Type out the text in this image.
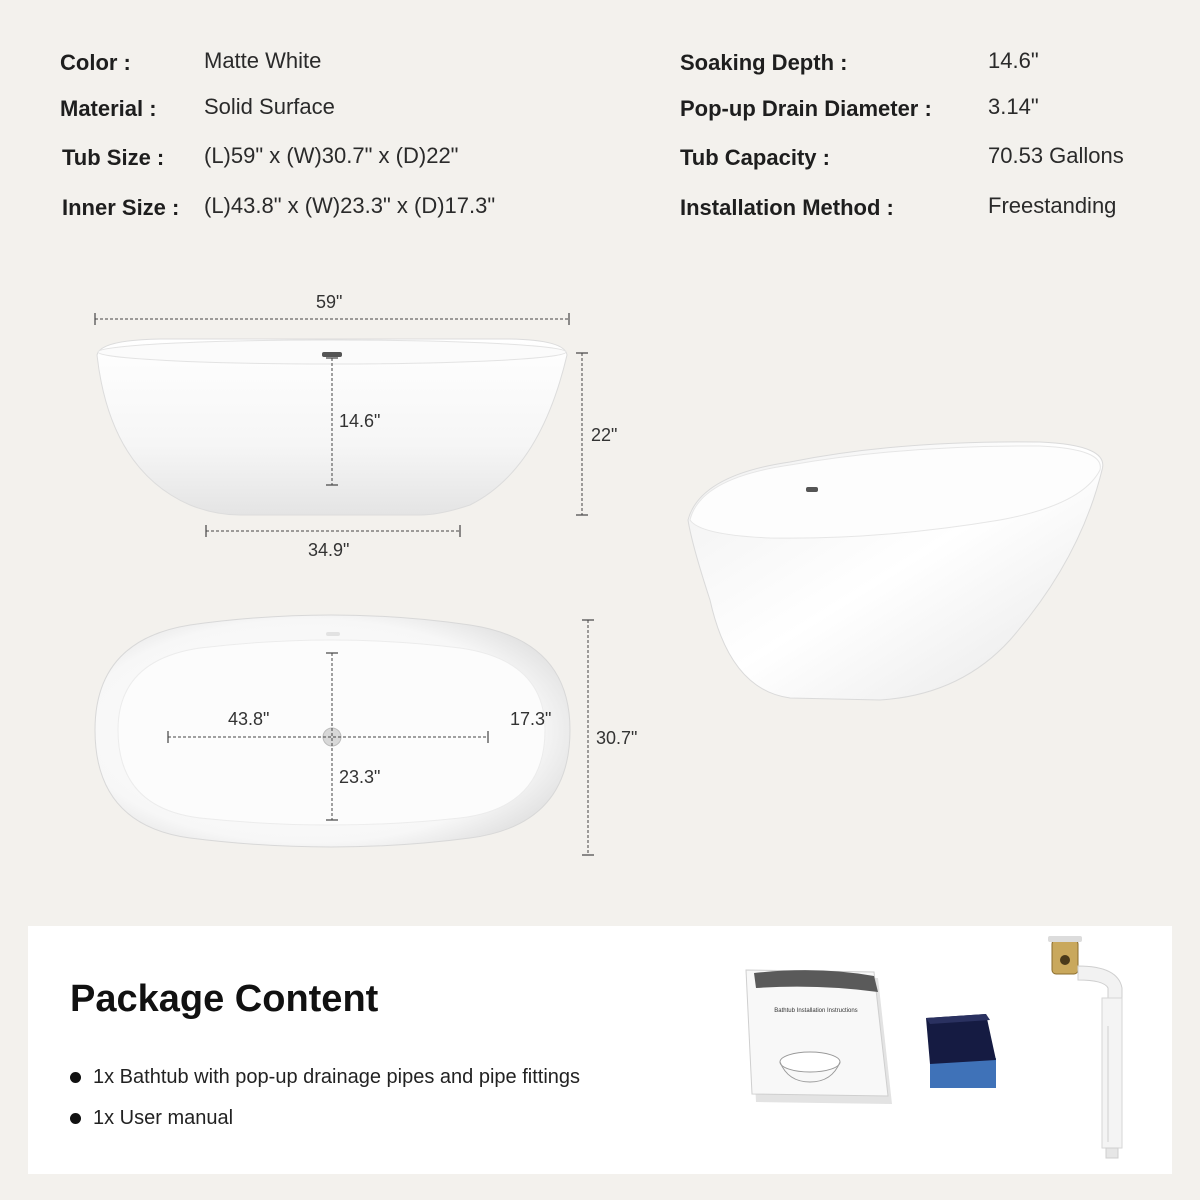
Color :	Matte White
Material : Solid Surface
Tub Size : (L)59" x (W)30.7" x (D)22"
Inner Size : (L)43.8" x (W)23.3" x (D)17.3"
Soaking Depth :	14.6"
Pop-up Drain Diameter :	3.14"
Tub Capacity :	70.53 Gallons
Installation Method :	Freestanding
59"
14.6"
22"
34.9"
43.8"	17.3"
23.3"
30.7"
Package Content
1x Bathtub with pop-up drainage pipes and pipe fittings
1x User manual
Bathtub Installation Instructions
